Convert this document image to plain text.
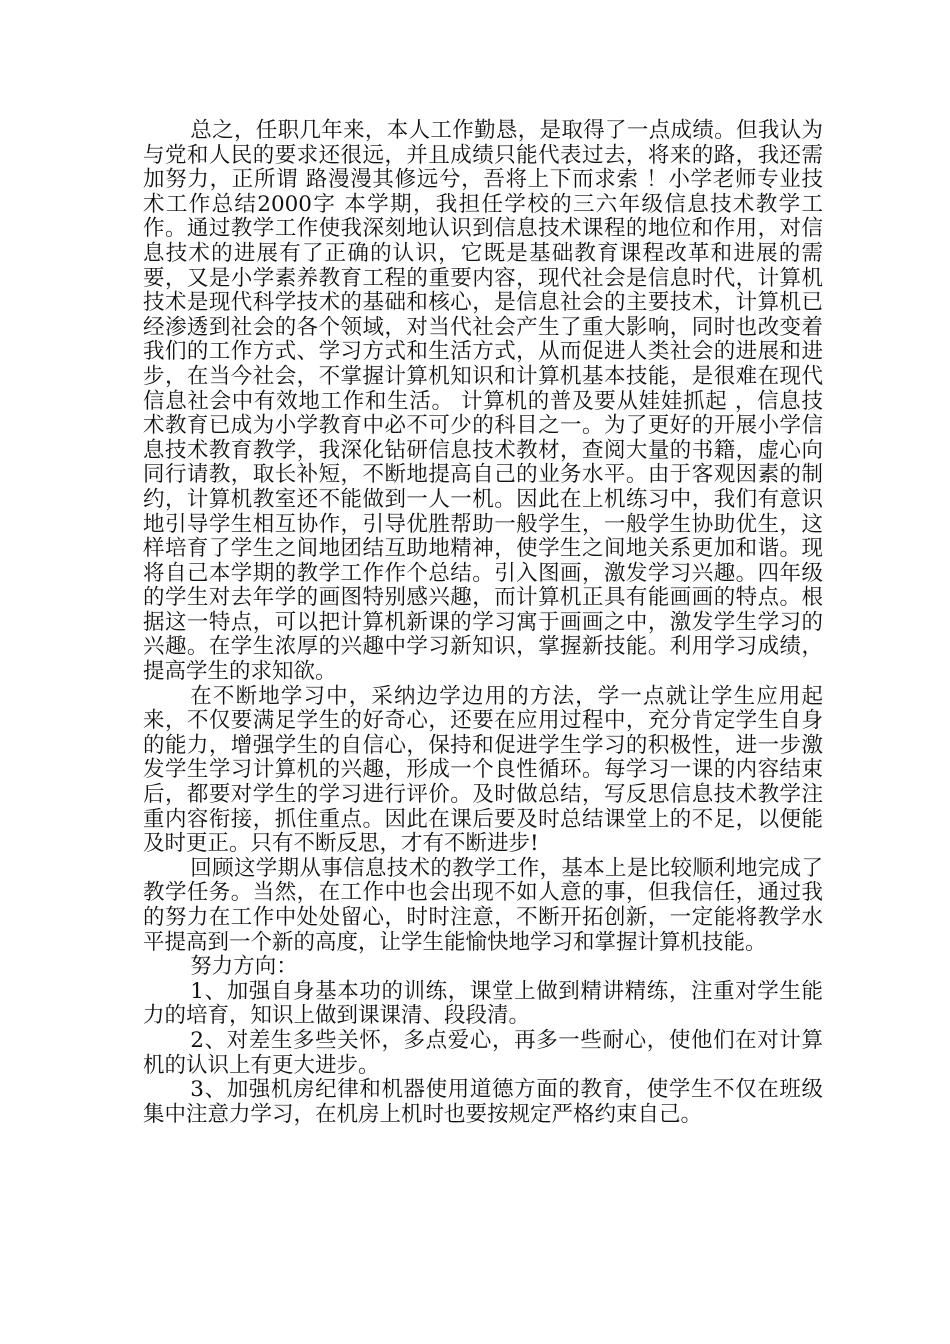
总之，任职几年来，本人工作勤恳，是取得了一点成绩。但我认为与党和人民的要求还很远，并且成绩只能代表过去，将来的路，我还需加努力，正所谓 路漫漫其修远兮，吾将上下而求索 ！小学老师专业技术工作总结2000字 本学期，我担任学校的三六年级信息技术教学工作。通过教学工作使我深刻地认识到信息技术课程的地位和作用，对信息技术的进展有了正确的认识，它既是基础教育课程改革和进展的需要，又是小学素养教育工程的重要内容，现代社会是信息时代，计算机技术是现代科学技术的基础和核心，是信息社会的主要技术，计算机已经渗透到社会的各个领域，对当代社会产生了重大影响，同时也改变着我们的工作方式、学习方式和生活方式，从而促进人类社会的进展和进步，在当今社会，不掌握计算机知识和计算机基本技能，是很难在现代信息社会中有效地工作和生活。 计算机的普及要从娃娃抓起 ，信息技术教育已成为小学教育中必不可少的科目之一。为了更好的开展小学信息技术教育教学，我深化钻研信息技术教材，查阅大量的书籍，虚心向同行请教，取长补短，不断地提高自己的业务水平。由于客观因素的制约，计算机教室还不能做到一人一机。因此在上机练习中，我们有意识地引导学生相互协作，引导优胜帮助一般学生，一般学生协助优生，这样培育了学生之间地团结互助地精神，使学生之间地关系更加和谐。现将自己本学期的教学工作作个总结。引入图画，激发学习兴趣。四年级的学生对去年学的画图特别感兴趣，而计算机正具有能画画的特点。根据这一特点，可以把计算机新课的学习寓于画画之中，激发学生学习的兴趣。在学生浓厚的兴趣中学习新知识，掌握新技能。利用学习成绩，提高学生的求知欲。

在不断地学习中，采纳边学边用的方法，学一点就让学生应用起来，不仅要满足学生的好奇心，还要在应用过程中，充分肯定学生自身的能力，增强学生的自信心，保持和促进学生学习的积极性，进一步激发学生学习计算机的兴趣，形成一个良性循环。每学习一课的内容结束后，都要对学生的学习进行评价。及时做总结，写反思信息技术教学注重内容衔接，抓住重点。因此在课后要及时总结课堂上的不足，以便能及时更正。只有不断反思，才有不断进步!

回顾这学期从事信息技术的教学工作，基本上是比较顺利地完成了教学任务。当然，在工作中也会出现不如人意的事，但我信任，通过我的努力在工作中处处留心，时时注意，不断开拓创新，一定能将教学水平提高到一个新的高度，让学生能愉快地学习和掌握计算机技能。

努力方向：

1、加强自身基本功的训练，课堂上做到精讲精练，注重对学生能力的培育，知识上做到课课清、段段清。

2、对差生多些关怀，多点爱心，再多一些耐心，使他们在对计算机的认识上有更大进步。

3、加强机房纪律和机器使用道德方面的教育，使学生不仅在班级集中注意力学习，在机房上机时也要按规定严格约束自己。
